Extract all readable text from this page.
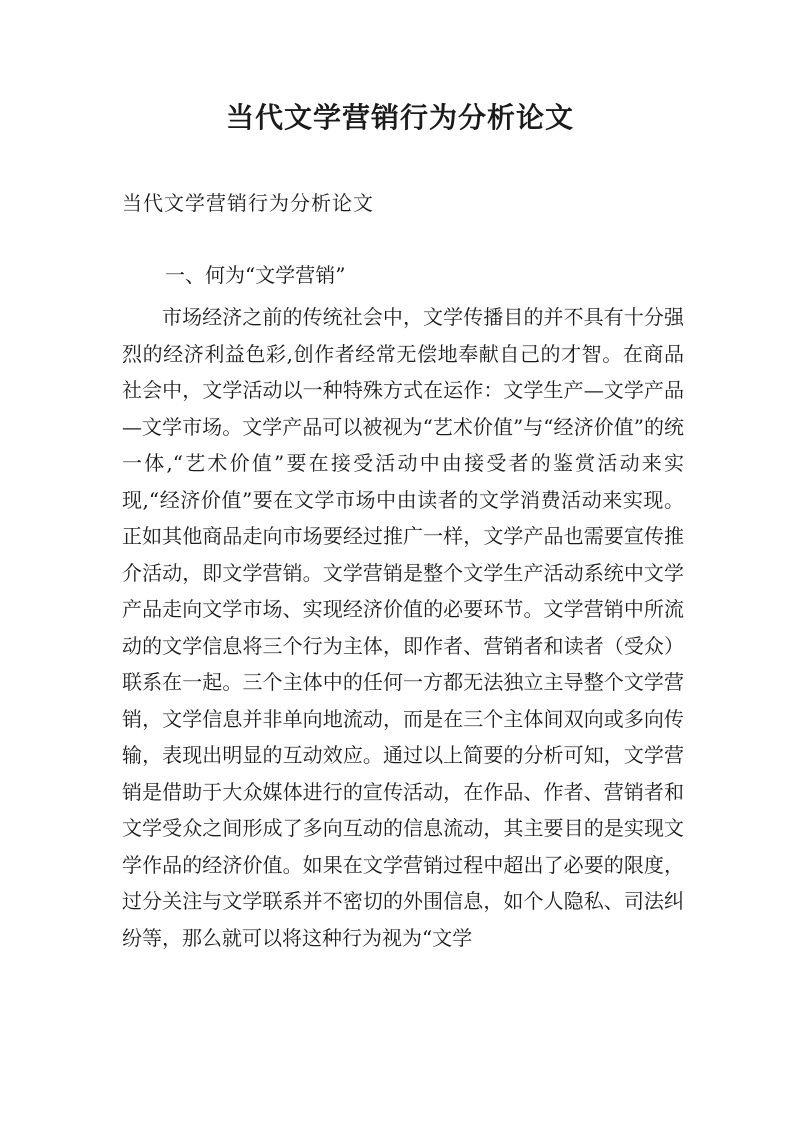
当代文学营销行为分析论文

当代文学营销行为分析论文

一、何为“文学营销”

市场经济之前的传统社会中，文学传播目的并不具有十分强烈的经济利益色彩,创作者经常无偿地奉献自己的才智。在商品社会中，文学活动以一种特殊方式在运作：文学生产—文学产品—文学市场。文学产品可以被视为“艺术价值”与“经济价值”的统一体,“艺术价值”要在接受活动中由接受者的鉴赏活动来实现,“经济价值”要在文学市场中由读者的文学消费活动来实现。正如其他商品走向市场要经过推广一样，文学产品也需要宣传推介活动，即文学营销。文学营销是整个文学生产活动系统中文学产品走向文学市场、实现经济价值的必要环节。文学营销中所流动的文学信息将三个行为主体，即作者、营销者和读者（受众）联系在一起。三个主体中的任何一方都无法独立主导整个文学营销，文学信息并非单向地流动，而是在三个主体间双向或多向传输，表现出明显的互动效应。通过以上简要的分析可知，文学营销是借助于大众媒体进行的宣传活动，在作品、作者、营销者和文学受众之间形成了多向互动的信息流动，其主要目的是实现文学作品的经济价值。如果在文学营销过程中超出了必要的限度，过分关注与文学联系并不密切的外围信息，如个人隐私、司法纠纷等，那么就可以将这种行为视为“文学
